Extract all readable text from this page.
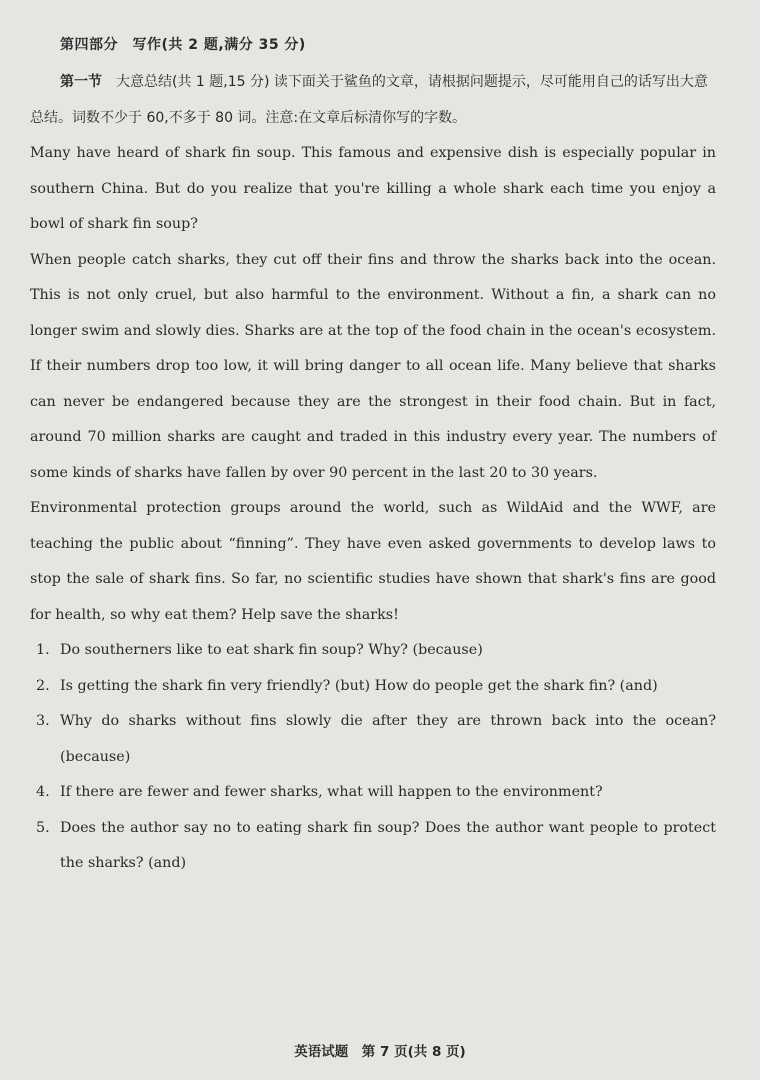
第四部分　写作(共 2 题,满分 35 分)

第一节　 大意总结(共 1 题,15 分) 读下面关于鲨鱼的文章，请根据问题提示，尽可能用自己的话写出大意总结。词数不少于 60,不多于 80 词。注意:在文章后标清你写的字数。

Many have heard of shark fin soup. This famous and expensive dish is especially popular in southern China. But do you realize that you're killing a whole shark each time you enjoy a bowl of shark fin soup?

When people catch sharks, they cut off their fins and throw the sharks back into the ocean. This is not only cruel, but also harmful to the environment. Without a fin, a shark can no longer swim and slowly dies. Sharks are at the top of the food chain in the ocean's ecosystem. If their numbers drop too low, it will bring danger to all ocean life. Many believe that sharks can never be endangered because they are the strongest in their food chain. But in fact, around 70 million sharks are caught and traded in this industry every year. The numbers of some kinds of sharks have fallen by over 90 percent in the last 20 to 30 years.

Environmental protection groups around the world, such as WildAid and the WWF, are teaching the public about “finning”. They have even asked governments to develop laws to stop the sale of shark fins. So far, no scientific studies have shown that shark's fins are good for health, so why eat them? Help save the sharks!

1. Do southerners like to eat shark fin soup? Why? (because)
2. Is getting the shark fin very friendly? (but) How do people get the shark fin? (and)
3. Why do sharks without fins slowly die after they are thrown back into the ocean? (because)
4. If there are fewer and fewer sharks, what will happen to the environment?
5. Does the author say no to eating shark fin soup? Does the author want people to protect the sharks? (and)
英语试题　第 7 页(共 8 页)
